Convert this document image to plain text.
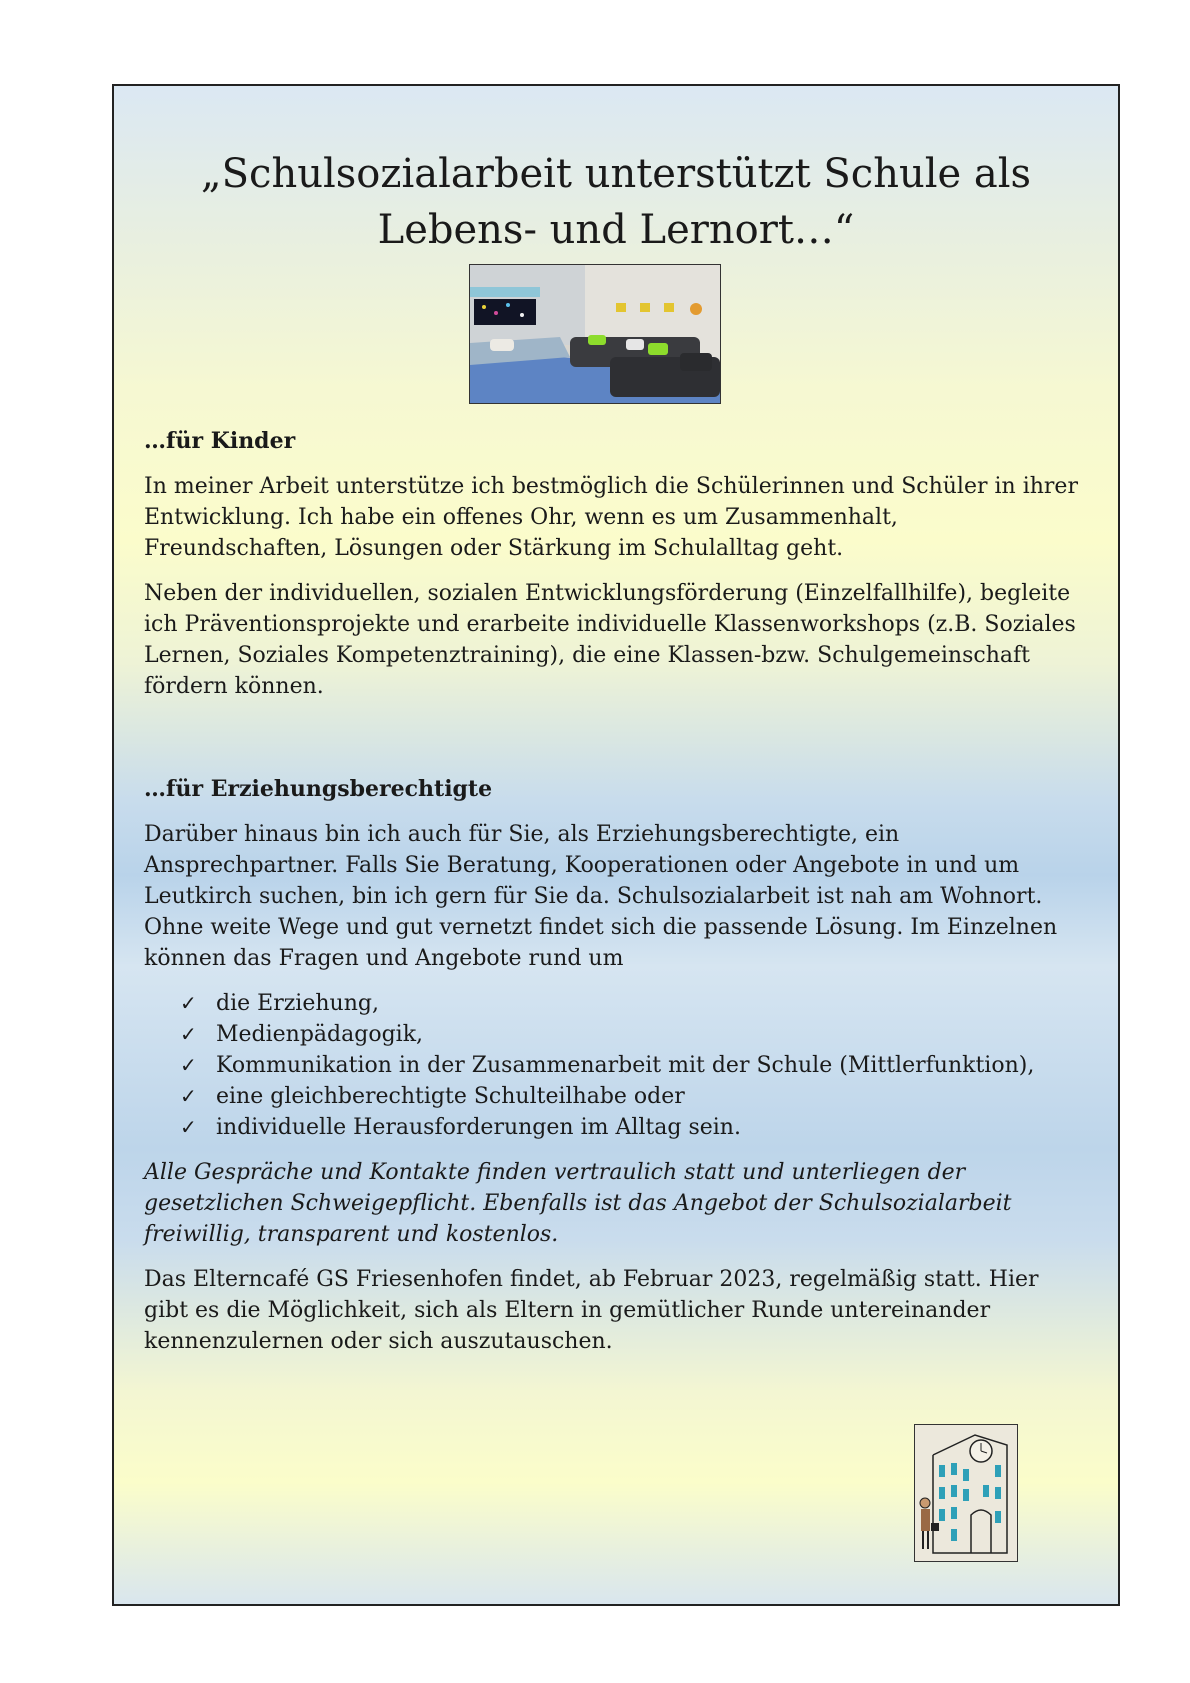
„Schulsozialarbeit unterstützt Schule als
Lebens- und Lernort…“
…für Kinder

In meiner Arbeit unterstütze ich bestmöglich die Schülerinnen und Schüler in ihrer Entwicklung. Ich habe ein offenes Ohr, wenn es um Zusammenhalt, Freundschaften, Lösungen oder Stärkung im Schulalltag geht.

Neben der individuellen, sozialen Entwicklungsförderung (Einzelfallhilfe), begleite ich Präventionsprojekte und erarbeite individuelle Klassenworkshops (z.B. Soziales Lernen, Soziales Kompetenztraining), die eine Klassen-bzw. Schulgemeinschaft fördern können.

…für Erziehungsberechtigte

Darüber hinaus bin ich auch für Sie, als Erziehungsberechtigte, ein Ansprechpartner. Falls Sie Beratung, Kooperationen oder Angebote in und um Leutkirch suchen, bin ich gern für Sie da. Schulsozialarbeit ist nah am Wohnort. Ohne weite Wege und gut vernetzt findet sich die passende Lösung. Im Einzelnen können das Fragen und Angebote rund um

✓ die Erziehung,
✓ Medienpädagogik,
✓ Kommunikation in der Zusammenarbeit mit der Schule (Mittlerfunktion),
✓ eine gleichberechtigte Schulteilhabe oder
✓ individuelle Herausforderungen im Alltag sein.

Alle Gespräche und Kontakte finden vertraulich statt und unterliegen der gesetzlichen Schweigepflicht. Ebenfalls ist das Angebot der Schulsozialarbeit freiwillig, transparent und kostenlos.

Das Elterncafé GS Friesenhofen findet, ab Februar 2023, regelmäßig statt. Hier gibt es die Möglichkeit, sich als Eltern in gemütlicher Runde untereinander kennenzulernen oder sich auszutauschen.
